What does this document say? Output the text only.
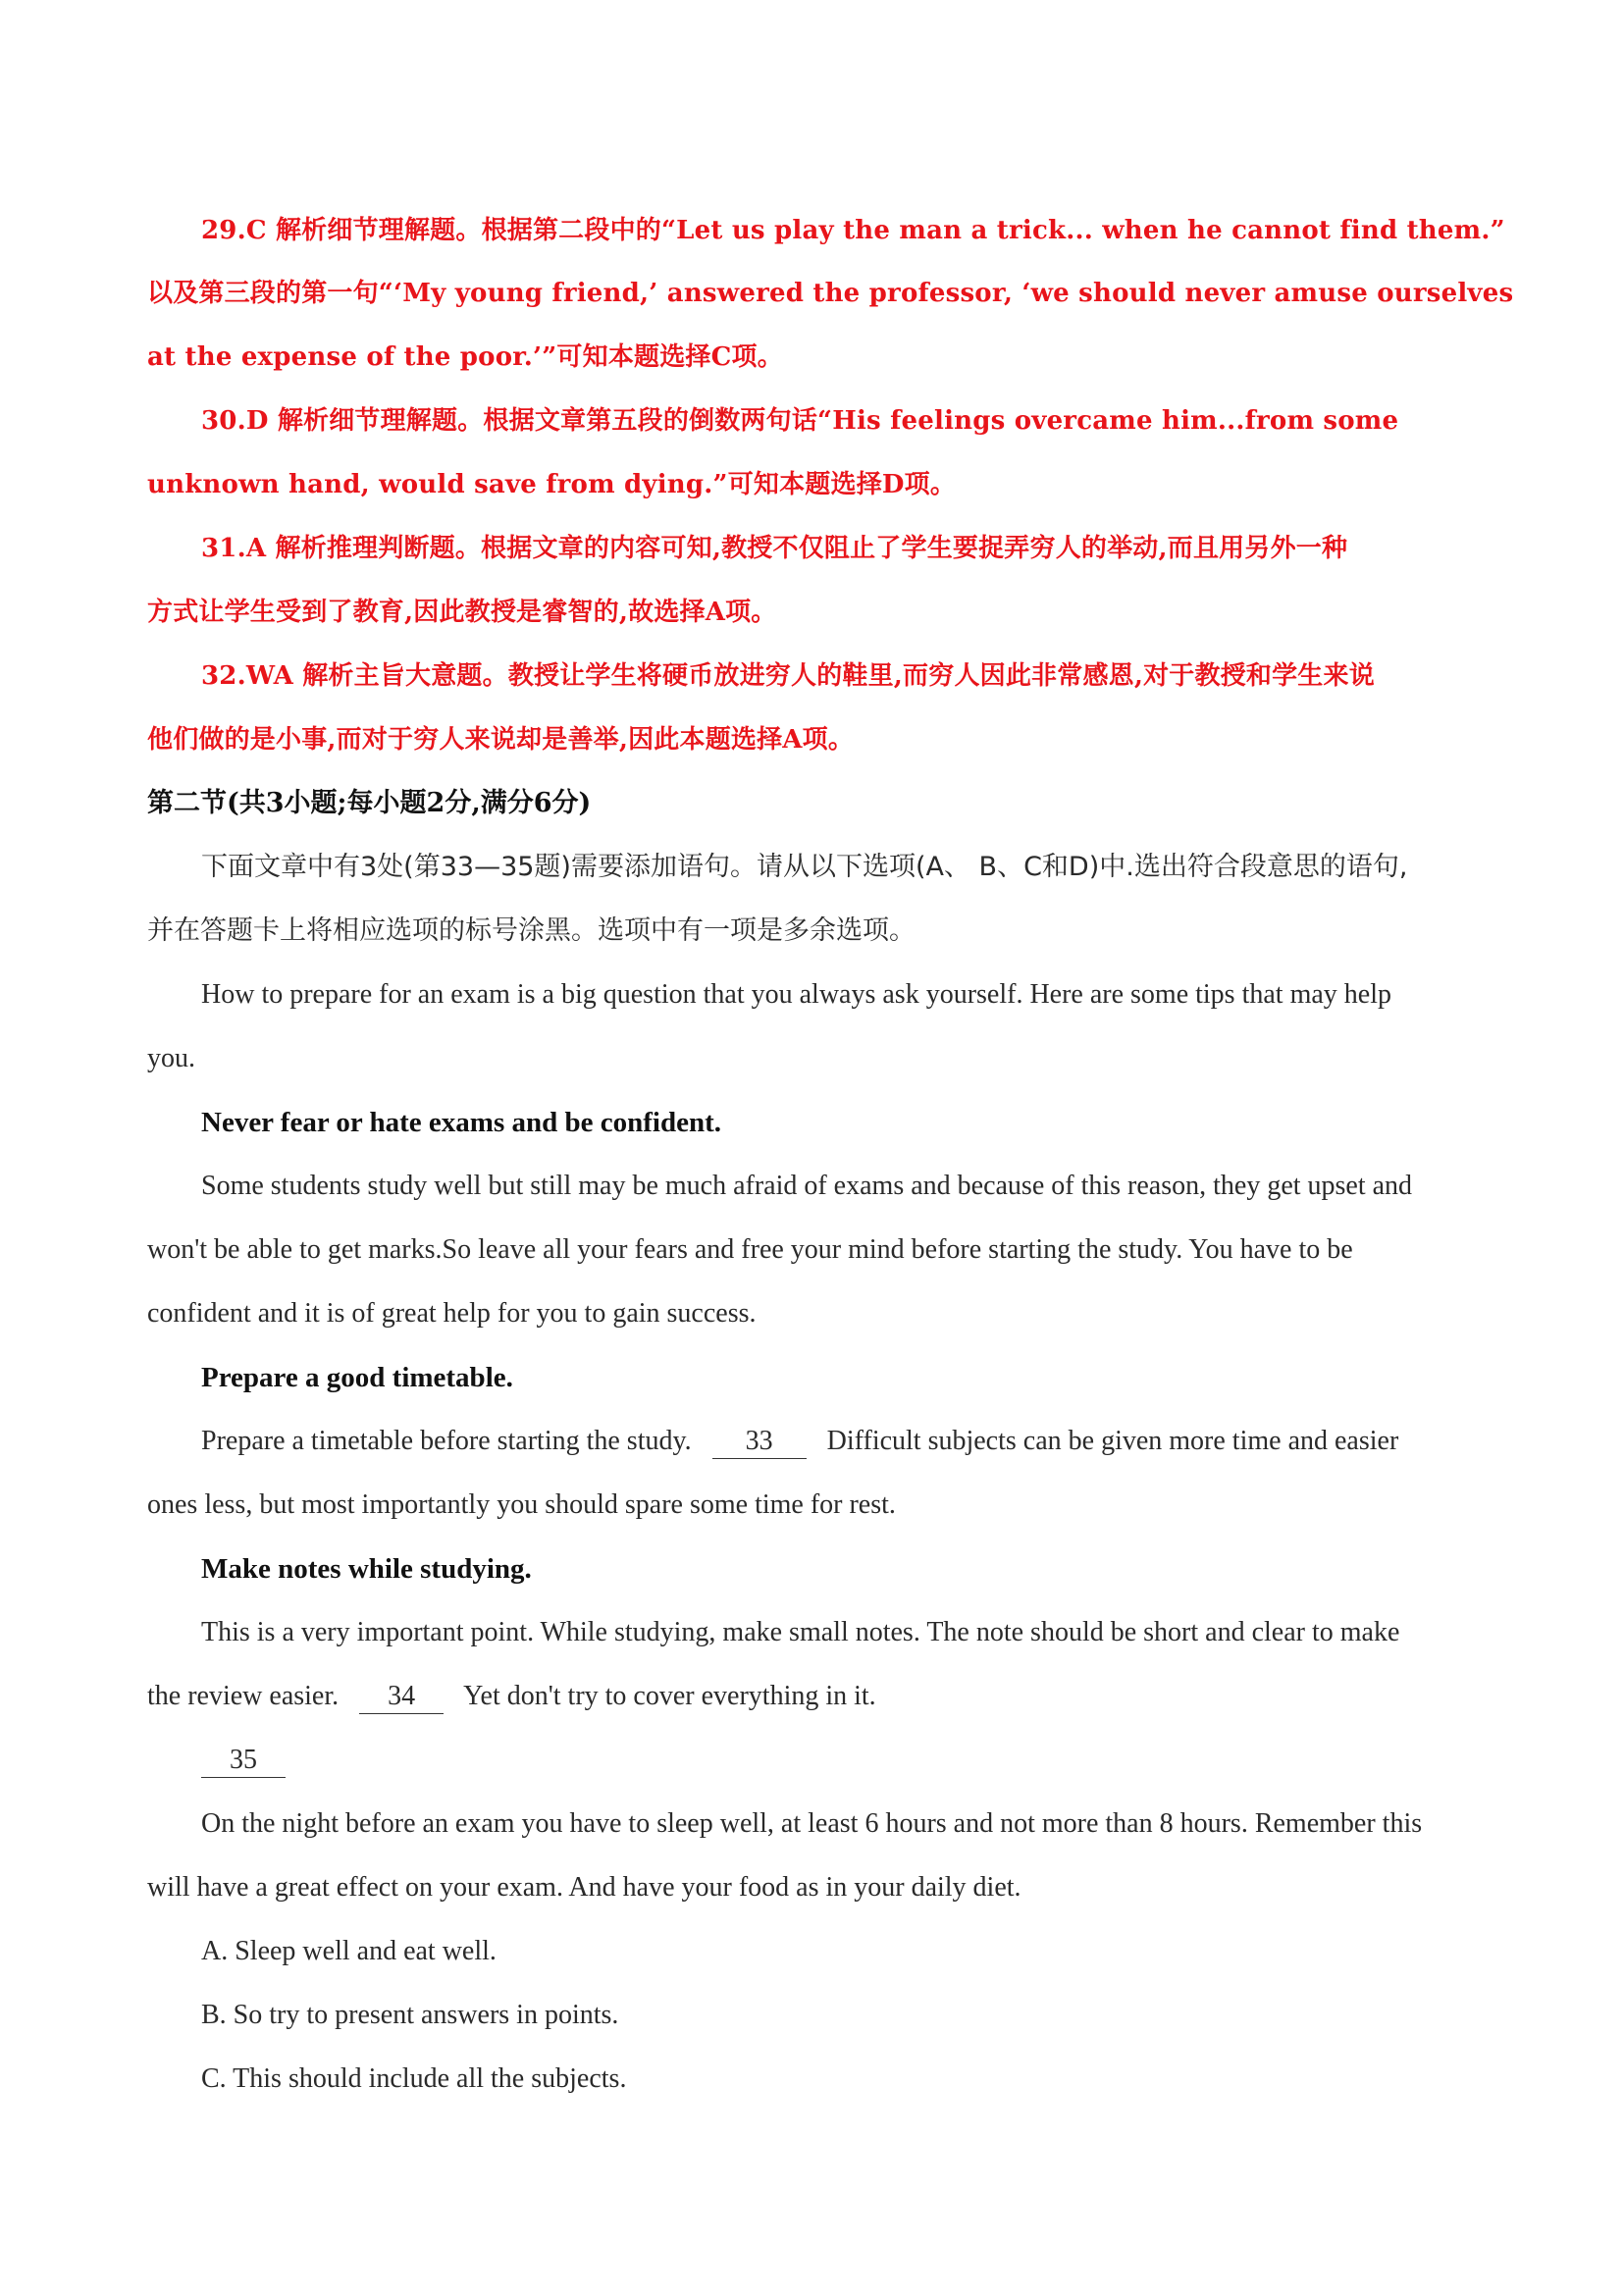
29.C 解析细节理解题。根据第二段中的“Let us play the man a trick... when he cannot find them.”
以及第三段的第一句“‘My young friend,’ answered the professor, ‘we should never amuse ourselves
at the expense of the poor.’”可知本题选择C项。
30.D 解析细节理解题。根据文章第五段的倒数两句话“His feelings overcame him...from some
unknown hand, would save from dying.”可知本题选择D项。
31.A 解析推理判断题。根据文章的内容可知,教授不仅阻止了学生要捉弄穷人的举动,而且用另外一种
方式让学生受到了教育,因此教授是睿智的,故选择A项。
32.WA 解析主旨大意题。教授让学生将硬币放进穷人的鞋里,而穷人因此非常感恩,对于教授和学生来说
他们做的是小事,而对于穷人来说却是善举,因此本题选择A项。
第二节(共3小题;每小题2分,满分6分)
下面文章中有3处(第33—35题)需要添加语句。请从以下选项(A、 B、C和D)中.选出符合段意思的语句,
并在答题卡上将相应选项的标号涂黑。选项中有一项是多余选项。
How to prepare for an exam is a big question that you always ask yourself. Here are some tips that may help
you.
Never fear or hate exams and be confident.
Some students study well but still may be much afraid of exams and because of this reason, they get upset and
won't be able to get marks.So leave all your fears and free your mind before starting the study. You have to be
confident and it is of great help for you to gain success.
Prepare a good timetable.
Prepare a timetable before starting the study. 33 Difficult subjects can be given more time and easier
ones less, but most importantly you should spare some time for rest.
Make notes while studying.
This is a very important point. While studying, make small notes. The note should be short and clear to make
the review easier. 34 Yet don't try to cover everything in it.
35
On the night before an exam you have to sleep well, at least 6 hours and not more than 8 hours. Remember this
will have a great effect on your exam. And have your food as in your daily diet.
A. Sleep well and eat well.
B. So try to present answers in points.
C. This should include all the subjects.
